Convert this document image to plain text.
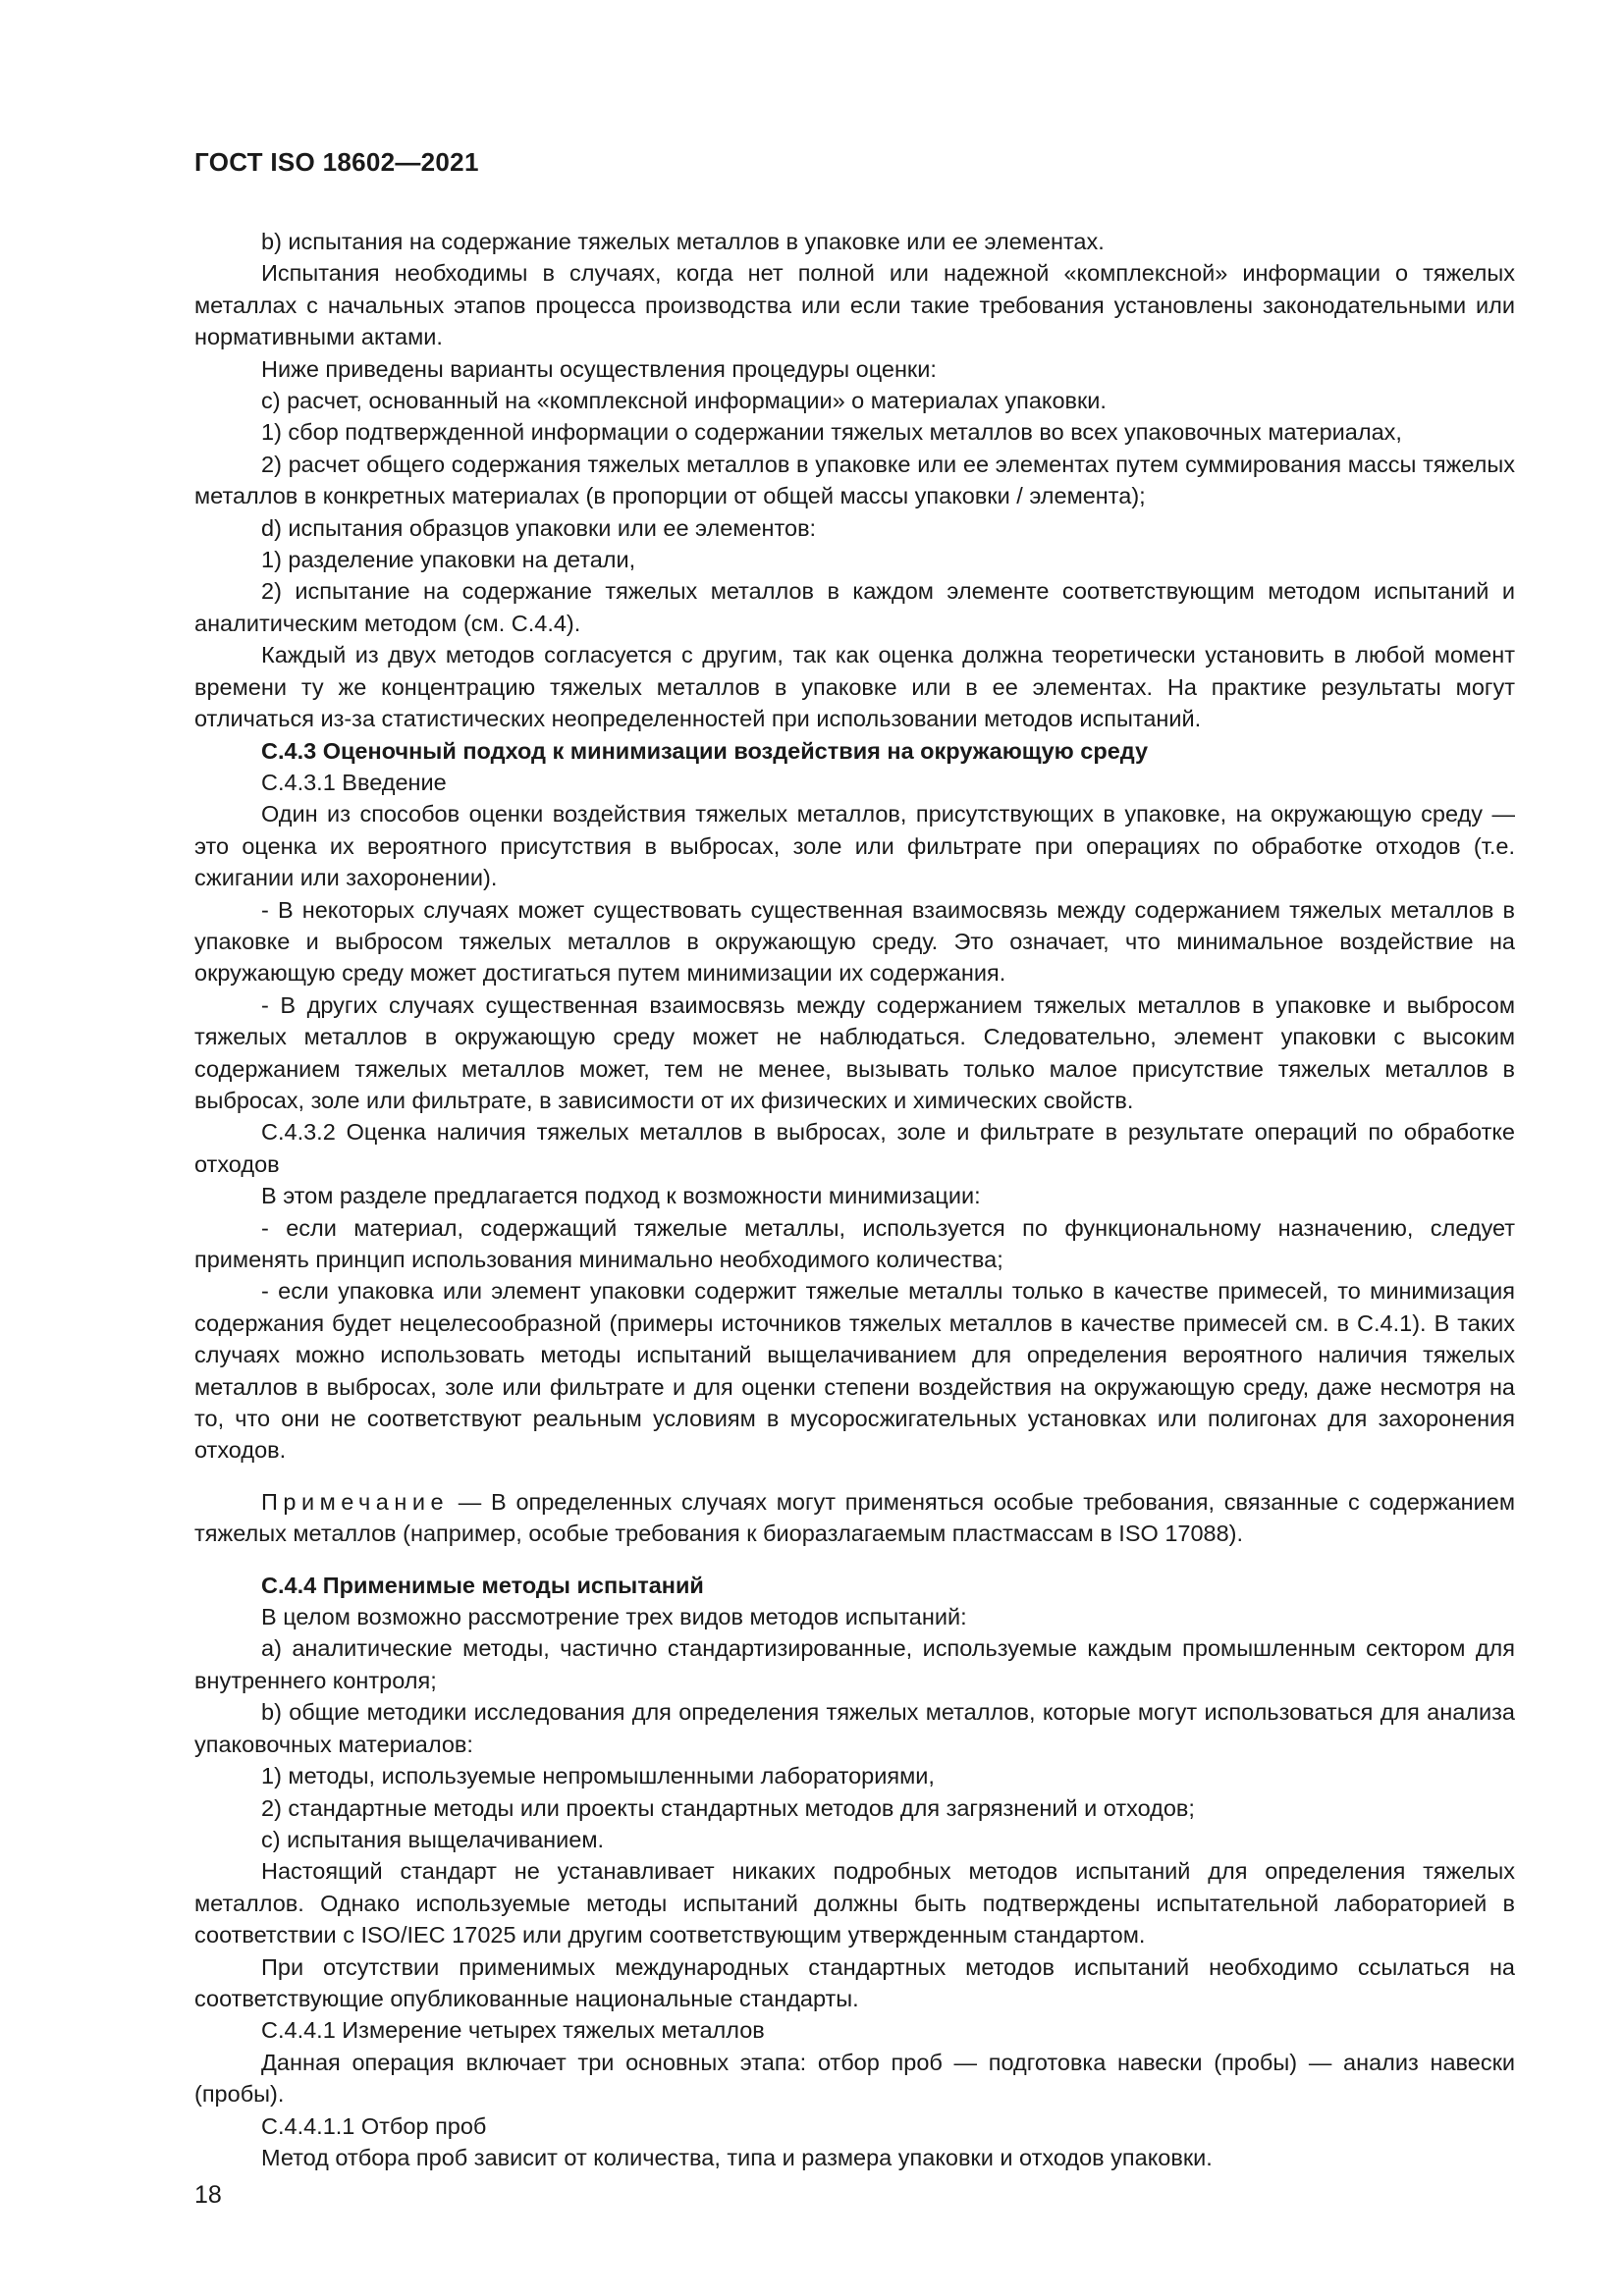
ГОСТ ISO 18602—2021

b) испытания на содержание тяжелых металлов в упаковке или ее элементах.

Испытания необходимы в случаях, когда нет полной или надежной «комплексной» информации о тяжелых металлах с начальных этапов процесса производства или если такие требования установлены законодательными или нормативными актами.

Ниже приведены варианты осуществления процедуры оценки:

c) расчет, основанный на «комплексной информации» о материалах упаковки.

1) сбор подтвержденной информации о содержании тяжелых металлов во всех упаковочных материалах,

2) расчет общего содержания тяжелых металлов в упаковке или ее элементах путем суммирования массы тяжелых металлов в конкретных материалах (в пропорции от общей массы упаковки / элемента);

d) испытания образцов упаковки или ее элементов:

1) разделение упаковки на детали,

2) испытание на содержание тяжелых металлов в каждом элементе соответствующим методом испытаний и аналитическим методом (см. С.4.4).

Каждый из двух методов согласуется с другим, так как оценка должна теоретически установить в любой момент времени ту же концентрацию тяжелых металлов в упаковке или в ее элементах. На практике результаты могут отличаться из-за статистических неопределенностей при использовании методов испытаний.

С.4.3 Оценочный подход к минимизации воздействия на окружающую среду

С.4.3.1 Введение

Один из способов оценки воздействия тяжелых металлов, присутствующих в упаковке, на окружающую среду — это оценка их вероятного присутствия в выбросах, золе или фильтрате при операциях по обработке отходов (т.е. сжигании или захоронении).

- В некоторых случаях может существовать существенная взаимосвязь между содержанием тяжелых металлов в упаковке и выбросом тяжелых металлов в окружающую среду. Это означает, что минимальное воздействие на окружающую среду может достигаться путем минимизации их содержания.

- В других случаях существенная взаимосвязь между содержанием тяжелых металлов в упаковке и выбросом тяжелых металлов в окружающую среду может не наблюдаться. Следовательно, элемент упаковки с высоким содержанием тяжелых металлов может, тем не менее, вызывать только малое присутствие тяжелых металлов в выбросах, золе или фильтрате, в зависимости от их физических и химических свойств.

С.4.3.2 Оценка наличия тяжелых металлов в выбросах, золе и фильтрате в результате операций по обработке отходов

В этом разделе предлагается подход к возможности минимизации:

- если материал, содержащий тяжелые металлы, используется по функциональному назначению, следует применять принцип использования минимально необходимого количества;

- если упаковка или элемент упаковки содержит тяжелые металлы только в качестве примесей, то минимизация содержания будет нецелесообразной (примеры источников тяжелых металлов в качестве примесей см. в С.4.1). В таких случаях можно использовать методы испытаний выщелачиванием для определения вероятного наличия тяжелых металлов в выбросах, золе или фильтрате и для оценки степени воздействия на окружающую среду, даже несмотря на то, что они не соответствуют реальным условиям в мусоросжигательных установках или полигонах для захоронения отходов.

Примечание — В определенных случаях могут применяться особые требования, связанные с содержанием тяжелых металлов (например, особые требования к биоразлагаемым пластмассам в ISO 17088).

С.4.4 Применимые методы испытаний

В целом возможно рассмотрение трех видов методов испытаний:

a) аналитические методы, частично стандартизированные, используемые каждым промышленным сектором для внутреннего контроля;

b) общие методики исследования для определения тяжелых металлов, которые могут использоваться для анализа упаковочных материалов:

1) методы, используемые непромышленными лабораториями,

2) стандартные методы или проекты стандартных методов для загрязнений и отходов;

c) испытания выщелачиванием.

Настоящий стандарт не устанавливает никаких подробных методов испытаний для определения тяжелых металлов. Однако используемые методы испытаний должны быть подтверждены испытательной лабораторией в соответствии с ISO/IEC 17025 или другим соответствующим утвержденным стандартом.

При отсутствии применимых международных стандартных методов испытаний необходимо ссылаться на соответствующие опубликованные национальные стандарты.

С.4.4.1 Измерение четырех тяжелых металлов

Данная операция включает три основных этапа: отбор проб — подготовка навески (пробы) — анализ навески (пробы).

С.4.4.1.1 Отбор проб

Метод отбора проб зависит от количества, типа и размера упаковки и отходов упаковки.

18
